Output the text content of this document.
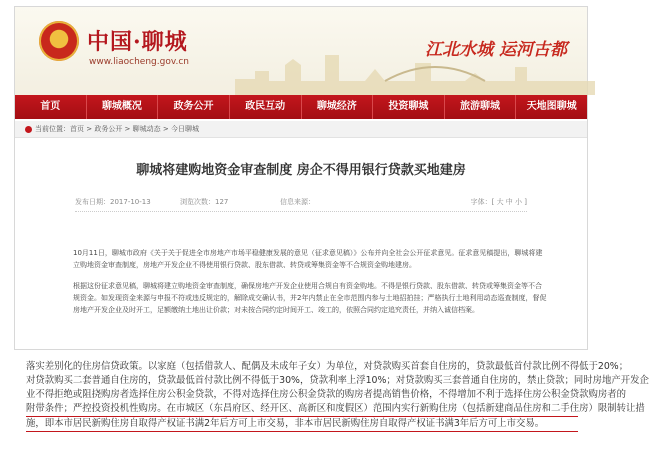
中国·聊城
www.liaocheng.gov.cn
江北水城 运河古都
首页	聊城概况	政务公开	政民互动	聊城经济	投资聊城	旅游聊城	天地图聊城
当前位置：首页 > 政务公开 > 聊城动态 > 今日聊城
聊城将建购地资金审查制度 房企不得用银行贷款买地建房
发布日期：2017-10-13	浏览次数：127	信息来源：	字体：[ 大 中 小 ]
10月11日，聊城市政府《关于关于促进全市房地产市场平稳健康发展的意见（征求意见稿）》公布并向全社会公开征求意见。征求意见稿提出，聊城将建立购地资金审查制度，房地产开发企业不得使用银行贷款、股东借款、转贷或筹集资金等不合规资金购地建房。
根据这份征求意见稿，聊城将建立购地资金审查制度，确保房地产开发企业使用合规自有资金购地。不得是银行贷款、股东借款、转贷或筹集资金等不合规资金。如发现资金来源与申报不符或违反规定的，解除成交确认书，并2年内禁止在全市范围内参与土地招拍挂；严格执行土地利用动态巡查制度，督促房地产开发企业及时开工，足额缴纳土地出让价款；对未按合同约定时间开工、竣工的，依照合同约定追究责任，并纳入诚信档案。
落实差别化的住房信贷政策。以家庭（包括借款人、配偶及未成年子女）为单位，对贷款购买首套自住房的，贷款最低首付款比例不得低于20%；
对贷款购买二套普通自住房的，贷款最低首付款比例不得低于30%，贷款利率上浮10%；对贷款购买三套普通自住房的，禁止贷款；同时房地产开发企
业不得拒绝或阻挠购房者选择住房公积金贷款，不得对选择住房公积金贷款的购房者提高销售价格，不得增加不利于选择住房公积金贷款购房者的
附带条件；严控投资投机性购房。在市城区（东昌府区、经开区、高新区和度假区）范围内实行新购住房（包括新建商品住房和二手住房）限制转让措
施，即本市居民新购住房自取得产权证书满2年后方可上市交易，非本市居民新购住房自取得产权证书满3年后方可上市交易。
